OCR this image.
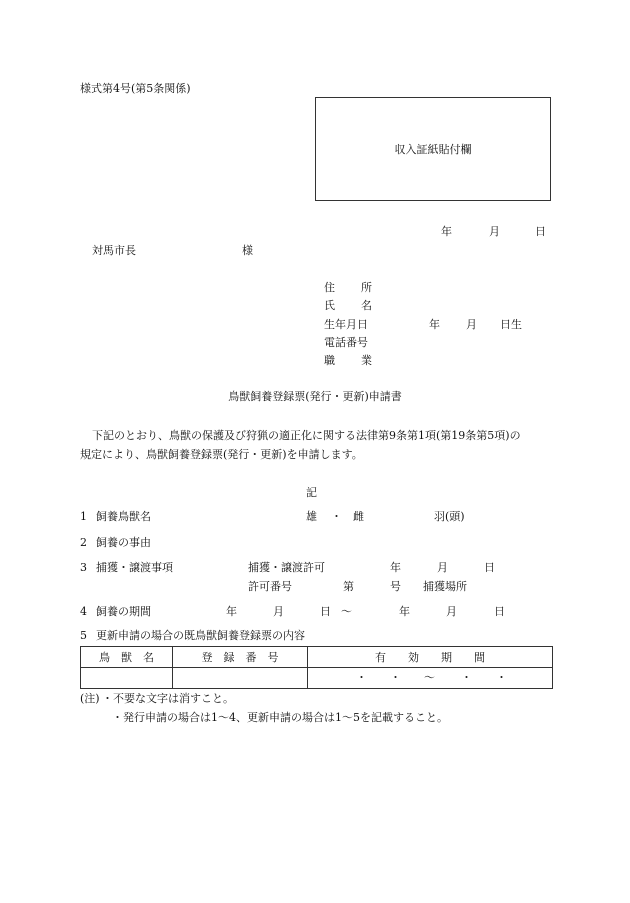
様式第4号(第5条関係)
収入証紙貼付欄
年	月	日
対馬市長	様
住所
氏名
生年月日	年 月 日生
電話番号
職業
鳥獣飼養登録票(発行・更新)申請書
下記のとおり、鳥獣の保護及び狩猟の適正化に関する法律第9条第1項(第19条第5項)の
規定により、鳥獣飼養登録票(発行・更新)を申請します。
記
1 飼養鳥獣名	雄 ・ 雌	羽(頭)
2 飼養の事由
3 捕獲・譲渡事項	捕獲・譲渡許可	年	月	日
許可番号	第	号 捕獲場所
4 飼養の期間	年	月	日 ～	年	月	日
5 更新申請の場合の既鳥獣飼養登録票の内容
鳥　獣　名	登　録　番　号	有　　効　　期　　間

		・ ・ ～ ・ ・
(注) ・不要な文字は消すこと。
・発行申請の場合は1～4、更新申請の場合は1～5を記載すること。
